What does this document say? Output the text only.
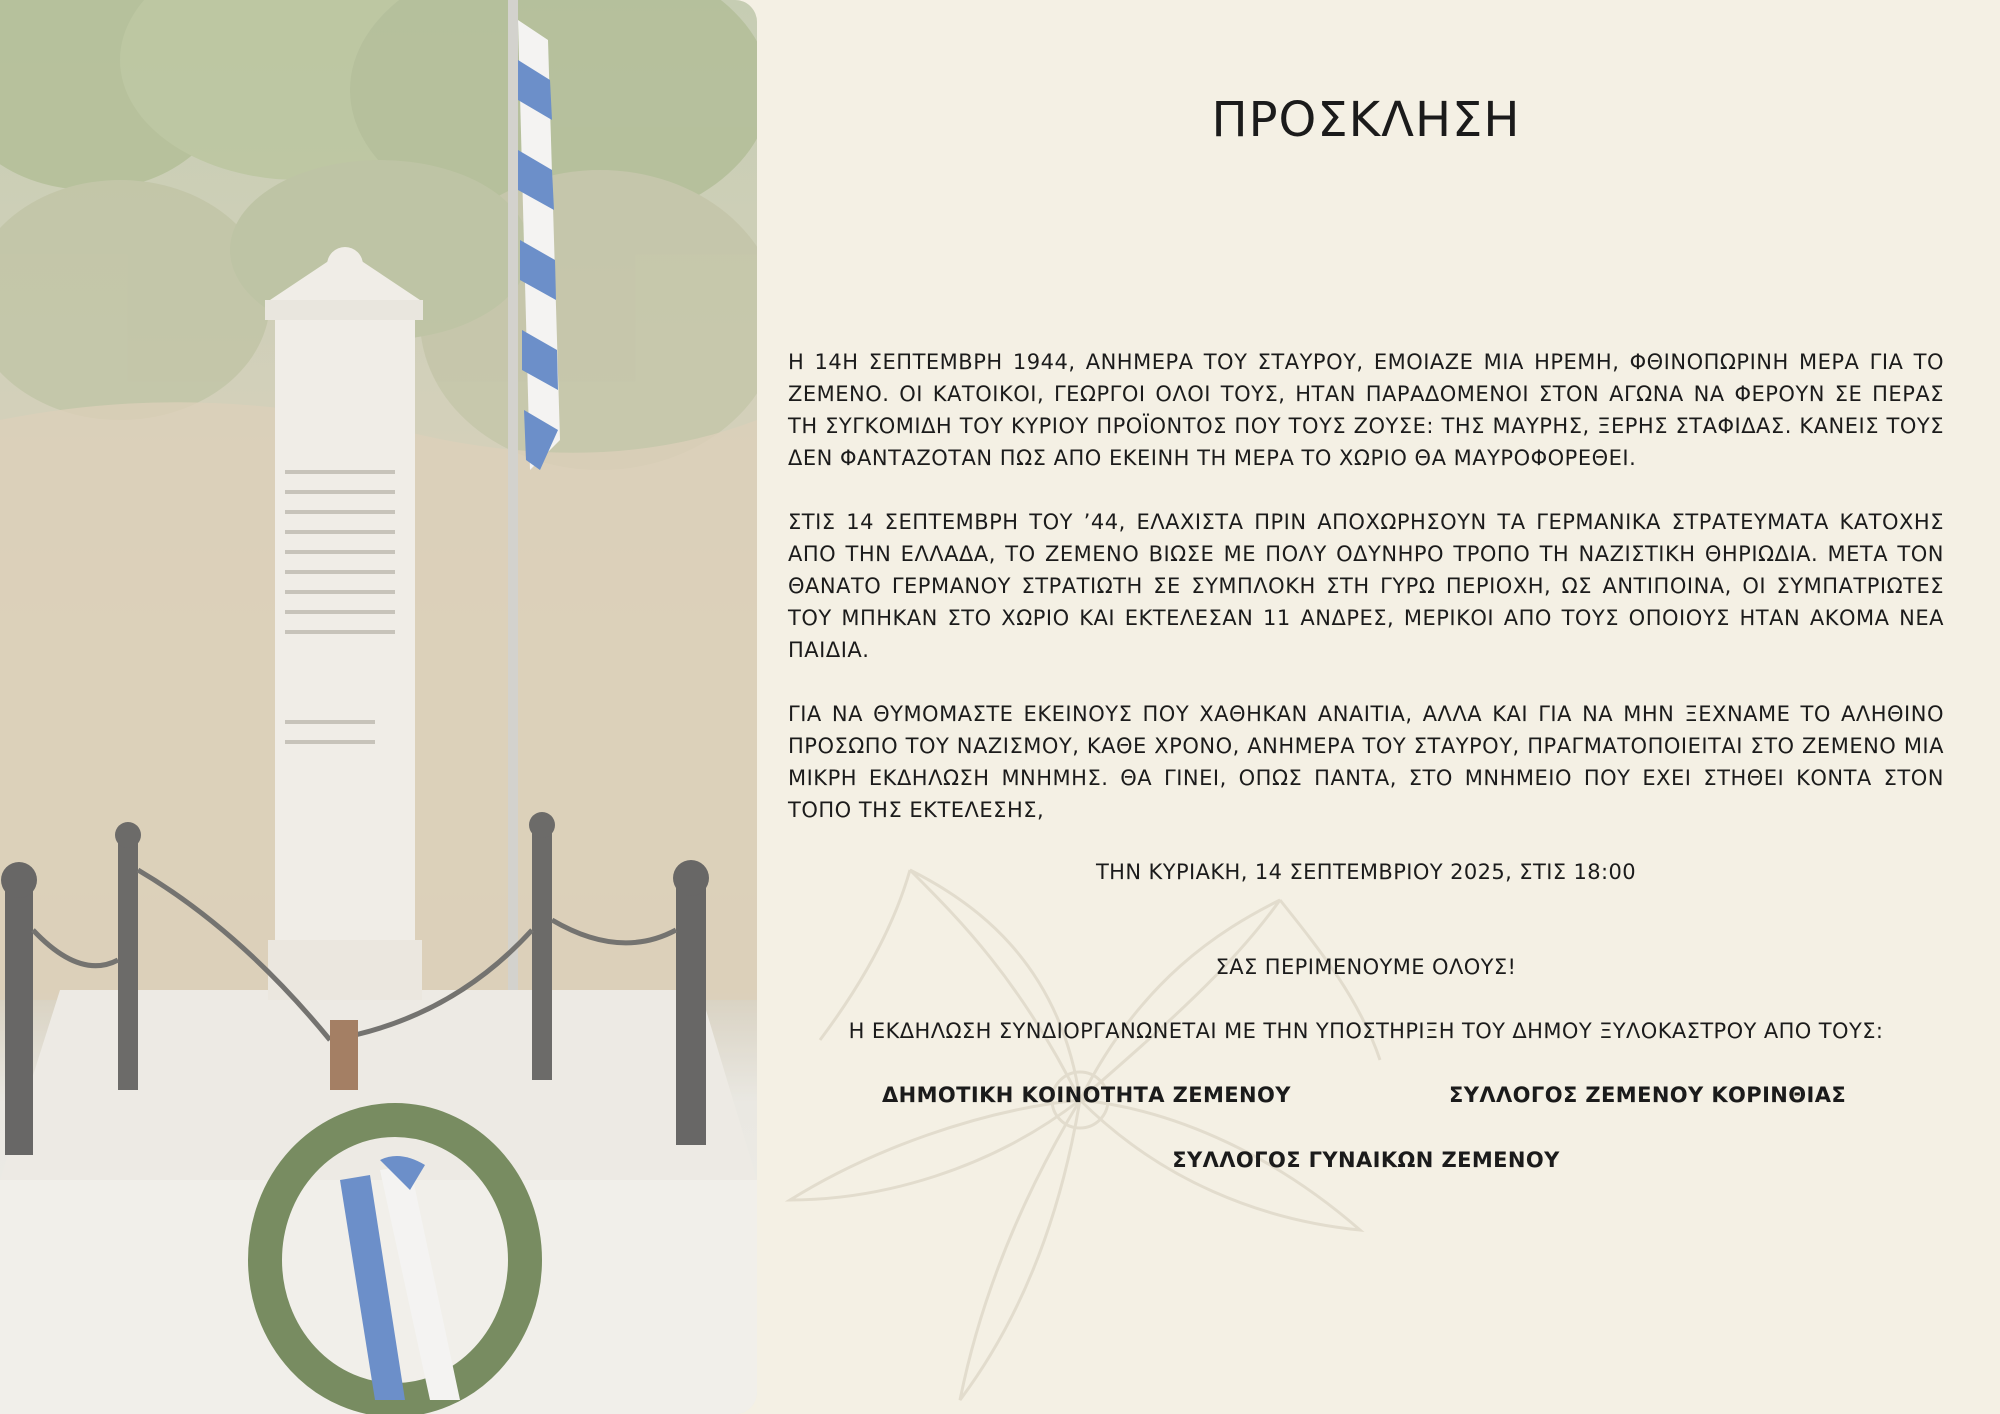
ΠΡΟΣΚΛΗΣΗ

Η 14Η ΣΕΠΤΕΜΒΡΗ 1944, ΑΝΗΜΕΡΑ ΤΟΥ ΣΤΑΥΡΟΥ, ΕΜΟΙΑΖΕ ΜΙΑ ΗΡΕΜΗ, ΦΘΙΝΟΠΩΡΙΝΗ ΜΕΡΑ ΓΙΑ ΤΟ ΖΕΜΕΝΟ. ΟΙ ΚΑΤΟΙΚΟΙ, ΓΕΩΡΓΟΙ ΟΛΟΙ ΤΟΥΣ, ΗΤΑΝ ΠΑΡΑΔΟΜΕΝΟΙ ΣΤΟΝ ΑΓΩΝΑ ΝΑ ΦΕΡΟΥΝ ΣΕ ΠΕΡΑΣ ΤΗ ΣΥΓΚΟΜΙΔΗ ΤΟΥ ΚΥΡΙΟΥ ΠΡΟΪΟΝΤΟΣ ΠΟΥ ΤΟΥΣ ΖΟΥΣΕ: ΤΗΣ ΜΑΥΡΗΣ, ΞΕΡΗΣ ΣΤΑΦΙΔΑΣ. ΚΑΝΕΙΣ ΤΟΥΣ ΔΕΝ ΦΑΝΤΑΖΟΤΑΝ ΠΩΣ ΑΠΟ ΕΚΕΙΝΗ ΤΗ ΜΕΡΑ ΤΟ ΧΩΡΙΟ ΘΑ ΜΑΥΡΟΦΟΡΕΘΕΙ.

ΣΤΙΣ 14 ΣΕΠΤΕΜΒΡΗ ΤΟΥ ’44, ΕΛΑΧΙΣΤΑ ΠΡΙΝ ΑΠΟΧΩΡΗΣΟΥΝ ΤΑ ΓΕΡΜΑΝΙΚΑ ΣΤΡΑΤΕΥΜΑΤΑ ΚΑΤΟΧΗΣ ΑΠΟ ΤΗΝ ΕΛΛΑΔΑ, ΤΟ ΖΕΜΕΝΟ ΒΙΩΣΕ ΜΕ ΠΟΛΥ ΟΔΥΝΗΡΟ ΤΡΟΠΟ ΤΗ ΝΑΖΙΣΤΙΚΗ ΘΗΡΙΩΔΙΑ. ΜΕΤΑ ΤΟΝ ΘΑΝΑΤΟ ΓΕΡΜΑΝΟΥ ΣΤΡΑΤΙΩΤΗ ΣΕ ΣΥΜΠΛΟΚΗ ΣΤΗ ΓΥΡΩ ΠΕΡΙΟΧΗ, ΩΣ ΑΝΤΙΠΟΙΝΑ, ΟΙ ΣΥΜΠΑΤΡΙΩΤΕΣ ΤΟΥ ΜΠΗΚΑΝ ΣΤΟ ΧΩΡΙΟ ΚΑΙ ΕΚΤΕΛΕΣΑΝ 11 ΑΝΔΡΕΣ, ΜΕΡΙΚΟΙ ΑΠΟ ΤΟΥΣ ΟΠΟΙΟΥΣ ΗΤΑΝ ΑΚΟΜΑ ΝΕΑ ΠΑΙΔΙΑ.

ΓΙΑ ΝΑ ΘΥΜΟΜΑΣΤΕ ΕΚΕΙΝΟΥΣ ΠΟΥ ΧΑΘΗΚΑΝ ΑΝΑΙΤΙΑ, ΑΛΛΑ ΚΑΙ ΓΙΑ ΝΑ ΜΗΝ ΞΕΧΝΑΜΕ ΤΟ ΑΛΗΘΙΝΟ ΠΡΟΣΩΠΟ ΤΟΥ ΝΑΖΙΣΜΟΥ, ΚΑΘΕ ΧΡΟΝΟ, ΑΝΗΜΕΡΑ ΤΟΥ ΣΤΑΥΡΟΥ, ΠΡΑΓΜΑΤΟΠΟΙΕΙΤΑΙ ΣΤΟ ΖΕΜΕΝΟ ΜΙΑ ΜΙΚΡΗ ΕΚΔΗΛΩΣΗ ΜΝΗΜΗΣ. ΘΑ ΓΙΝΕΙ, ΟΠΩΣ ΠΑΝΤΑ, ΣΤΟ ΜΝΗΜΕΙΟ ΠΟΥ ΕΧΕΙ ΣΤΗΘΕΙ ΚΟΝΤΑ ΣΤΟΝ ΤΟΠΟ ΤΗΣ ΕΚΤΕΛΕΣΗΣ,

ΤΗΝ ΚΥΡΙΑΚΗ, 14 ΣΕΠΤΕΜΒΡΙΟΥ 2025, ΣΤΙΣ 18:00

ΣΑΣ ΠΕΡΙΜΕΝΟΥΜΕ ΟΛΟΥΣ!

Η ΕΚΔΗΛΩΣΗ ΣΥΝΔΙΟΡΓΑΝΩΝΕΤΑΙ ΜΕ ΤΗΝ ΥΠΟΣΤΗΡΙΞΗ ΤΟΥ ΔΗΜΟΥ ΞΥΛΟΚΑΣΤΡΟΥ ΑΠΟ ΤΟΥΣ:

ΔΗΜΟΤΙΚΗ ΚΟΙΝΟΤΗΤΑ ΖΕΜΕΝΟΥ	ΣΥΛΛΟΓΟΣ ΖΕΜΕΝΟΥ ΚΟΡΙΝΘΙΑΣ

ΣΥΛΛΟΓΟΣ ΓΥΝΑΙΚΩΝ ΖΕΜΕΝΟΥ
